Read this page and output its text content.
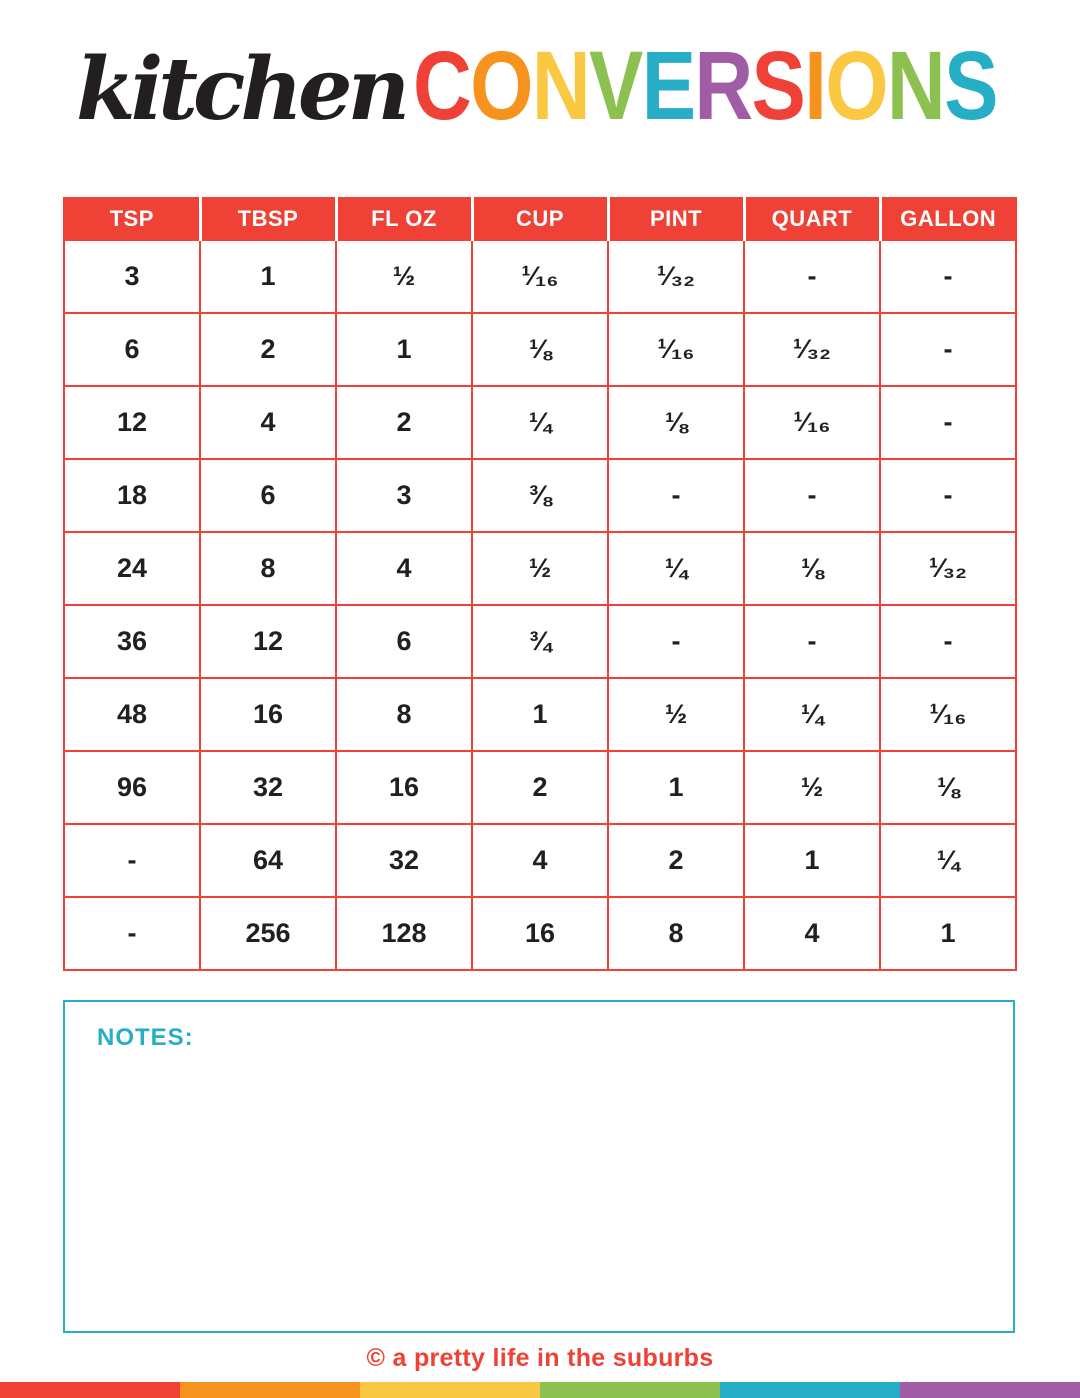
kitchen CONVERSIONS
TSP	TBSP	FL OZ	CUP	PINT	QUART	GALLON
3	1	½	¹⁄₁₆	¹⁄₃₂	-	-
6	2	1	⅛	¹⁄₁₆	¹⁄₃₂	-
12	4	2	¼	⅛	¹⁄₁₆	-
18	6	3	⅜	-	-	-
24	8	4	½	¼	⅛	¹⁄₃₂
36	12	6	¾	-	-	-
48	16	8	1	½	¼	¹⁄₁₆
96	32	16	2	1	½	⅛
-	64	32	4	2	1	¼
-	256	128	16	8	4	1
NOTES:
© a pretty life in the suburbs
